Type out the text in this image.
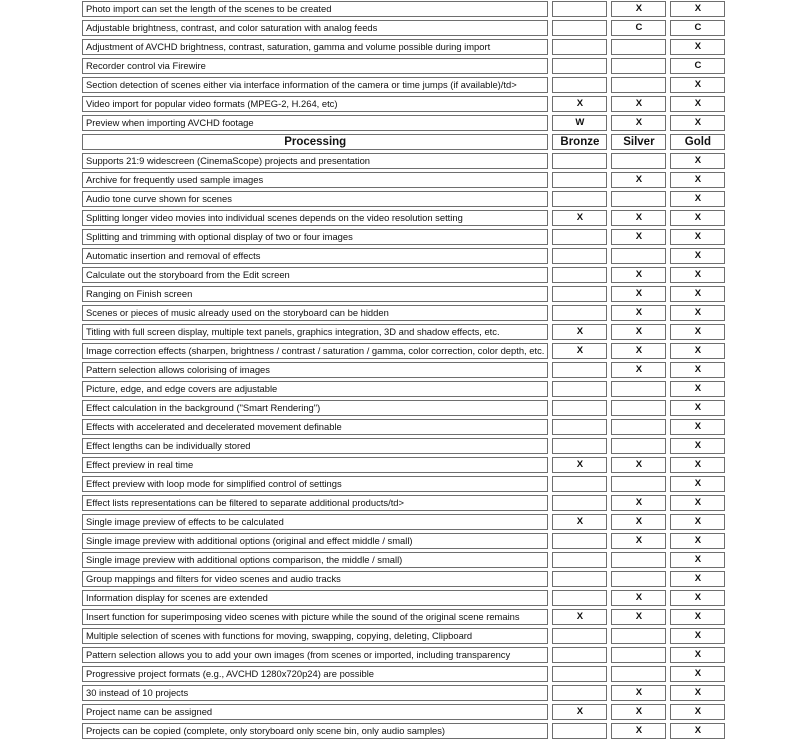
Photo import can set the length of the scenes to be created		X	X
Adjustable brightness, contrast, and color saturation with analog feeds		C	C
Adjustment of AVCHD brightness, contrast, saturation, gamma and volume possible during import			X
Recorder control via Firewire			C
Section detection of scenes either via interface information of the camera or time jumps (if available)/td>			X
Video import for popular video formats (MPEG-2, H.264, etc)	X	X	X
Preview when importing AVCHD footage	W	X	X
Processing	Bronze	Silver	Gold
Supports 21:9 widescreen (CinemaScope) projects and presentation			X
Archive for frequently used sample images		X	X
Audio tone curve shown for scenes			X
Splitting longer video movies into individual scenes depends on the video resolution setting	X	X	X
Splitting and trimming with optional display of two or four images		X	X
Automatic insertion and removal of effects			X
Calculate out the storyboard from the Edit screen		X	X
Ranging on Finish screen		X	X
Scenes or pieces of music already used on the storyboard can be hidden		X	X
Titling with full screen display, multiple text panels, graphics integration, 3D and shadow effects, etc.	X	X	X
Image correction effects (sharpen, brightness / contrast / saturation / gamma, color correction, color depth, etc.	X	X	X
Pattern selection allows colorising of images		X	X
Picture, edge, and edge covers are adjustable			X
Effect calculation in the background ("Smart Rendering")			X
Effects with accelerated and decelerated movement definable			X
Effect lengths can be individually stored			X
Effect preview in real time	X	X	X
Effect preview with loop mode for simplified control of settings			X
Effect lists representations can be filtered to separate additional products/td>		X	X
Single image preview of effects to be calculated	X	X	X
Single image preview with additional options (original and effect middle / small)		X	X
Single image preview with additional options comparison, the middle / small)			X
Group mappings and filters for video scenes and audio tracks			X
Information display for scenes are extended		X	X
Insert function for superimposing video scenes with picture while the sound of the original scene remains	X	X	X
Multiple selection of scenes with functions for moving, swapping, copying, deleting, Clipboard			X
Pattern selection allows you to add your own images (from scenes or imported, including transparency			X
Progressive project formats (e.g., AVCHD 1280x720p24) are possible			X
30 instead of 10 projects		X	X
Project name can be assigned	X	X	X
Projects can be copied (complete, only storyboard only scene bin, only audio samples)		X	X
